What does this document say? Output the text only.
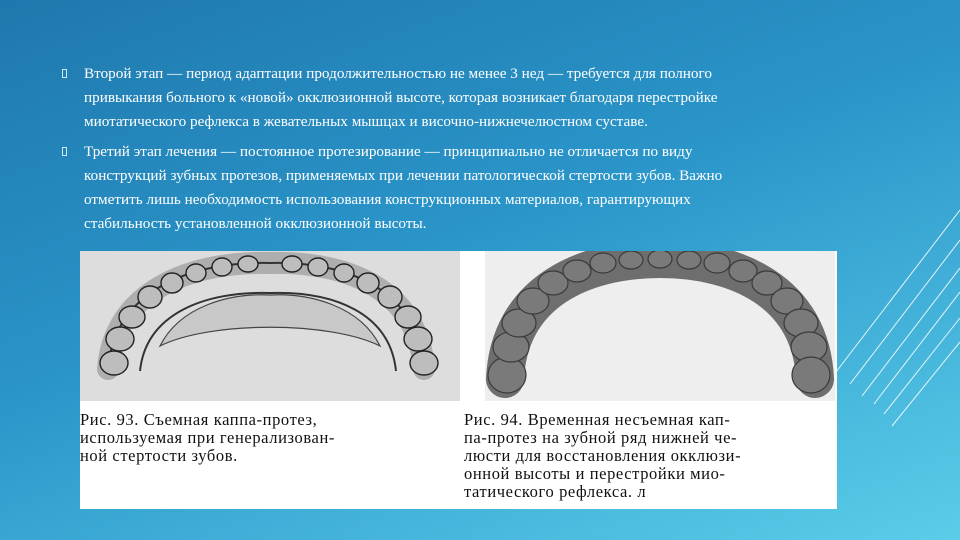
Второй этап — период адаптации продолжительностью не менее 3 нед — требуется для полного
привыкания больного к «новой» окклюзионной высоте, которая возникает благодаря перестройке
миотатического рефлекса в жевательных мышцах и височно-нижнечелюстном суставе.
Третий этап лечения — постоянное протезирование — принципиально не отличается по виду
конструкций зубных протезов, применяемых при лечении патологической стертости зубов. Важно
отметить лишь необходимость использования конструкционных материалов, гарантирующих
стабильность установленной окклюзионной высоты.
Рис. 93. Съемная каппа-протез,
используемая при генерализован-
ной стертости зубов.
Рис. 94. Временная несъемная кап-
па-протез на зубной ряд нижней че-
люсти для восстановления окклюзи-
онной высоты и перестройки мио-
татического рефлекса. л
